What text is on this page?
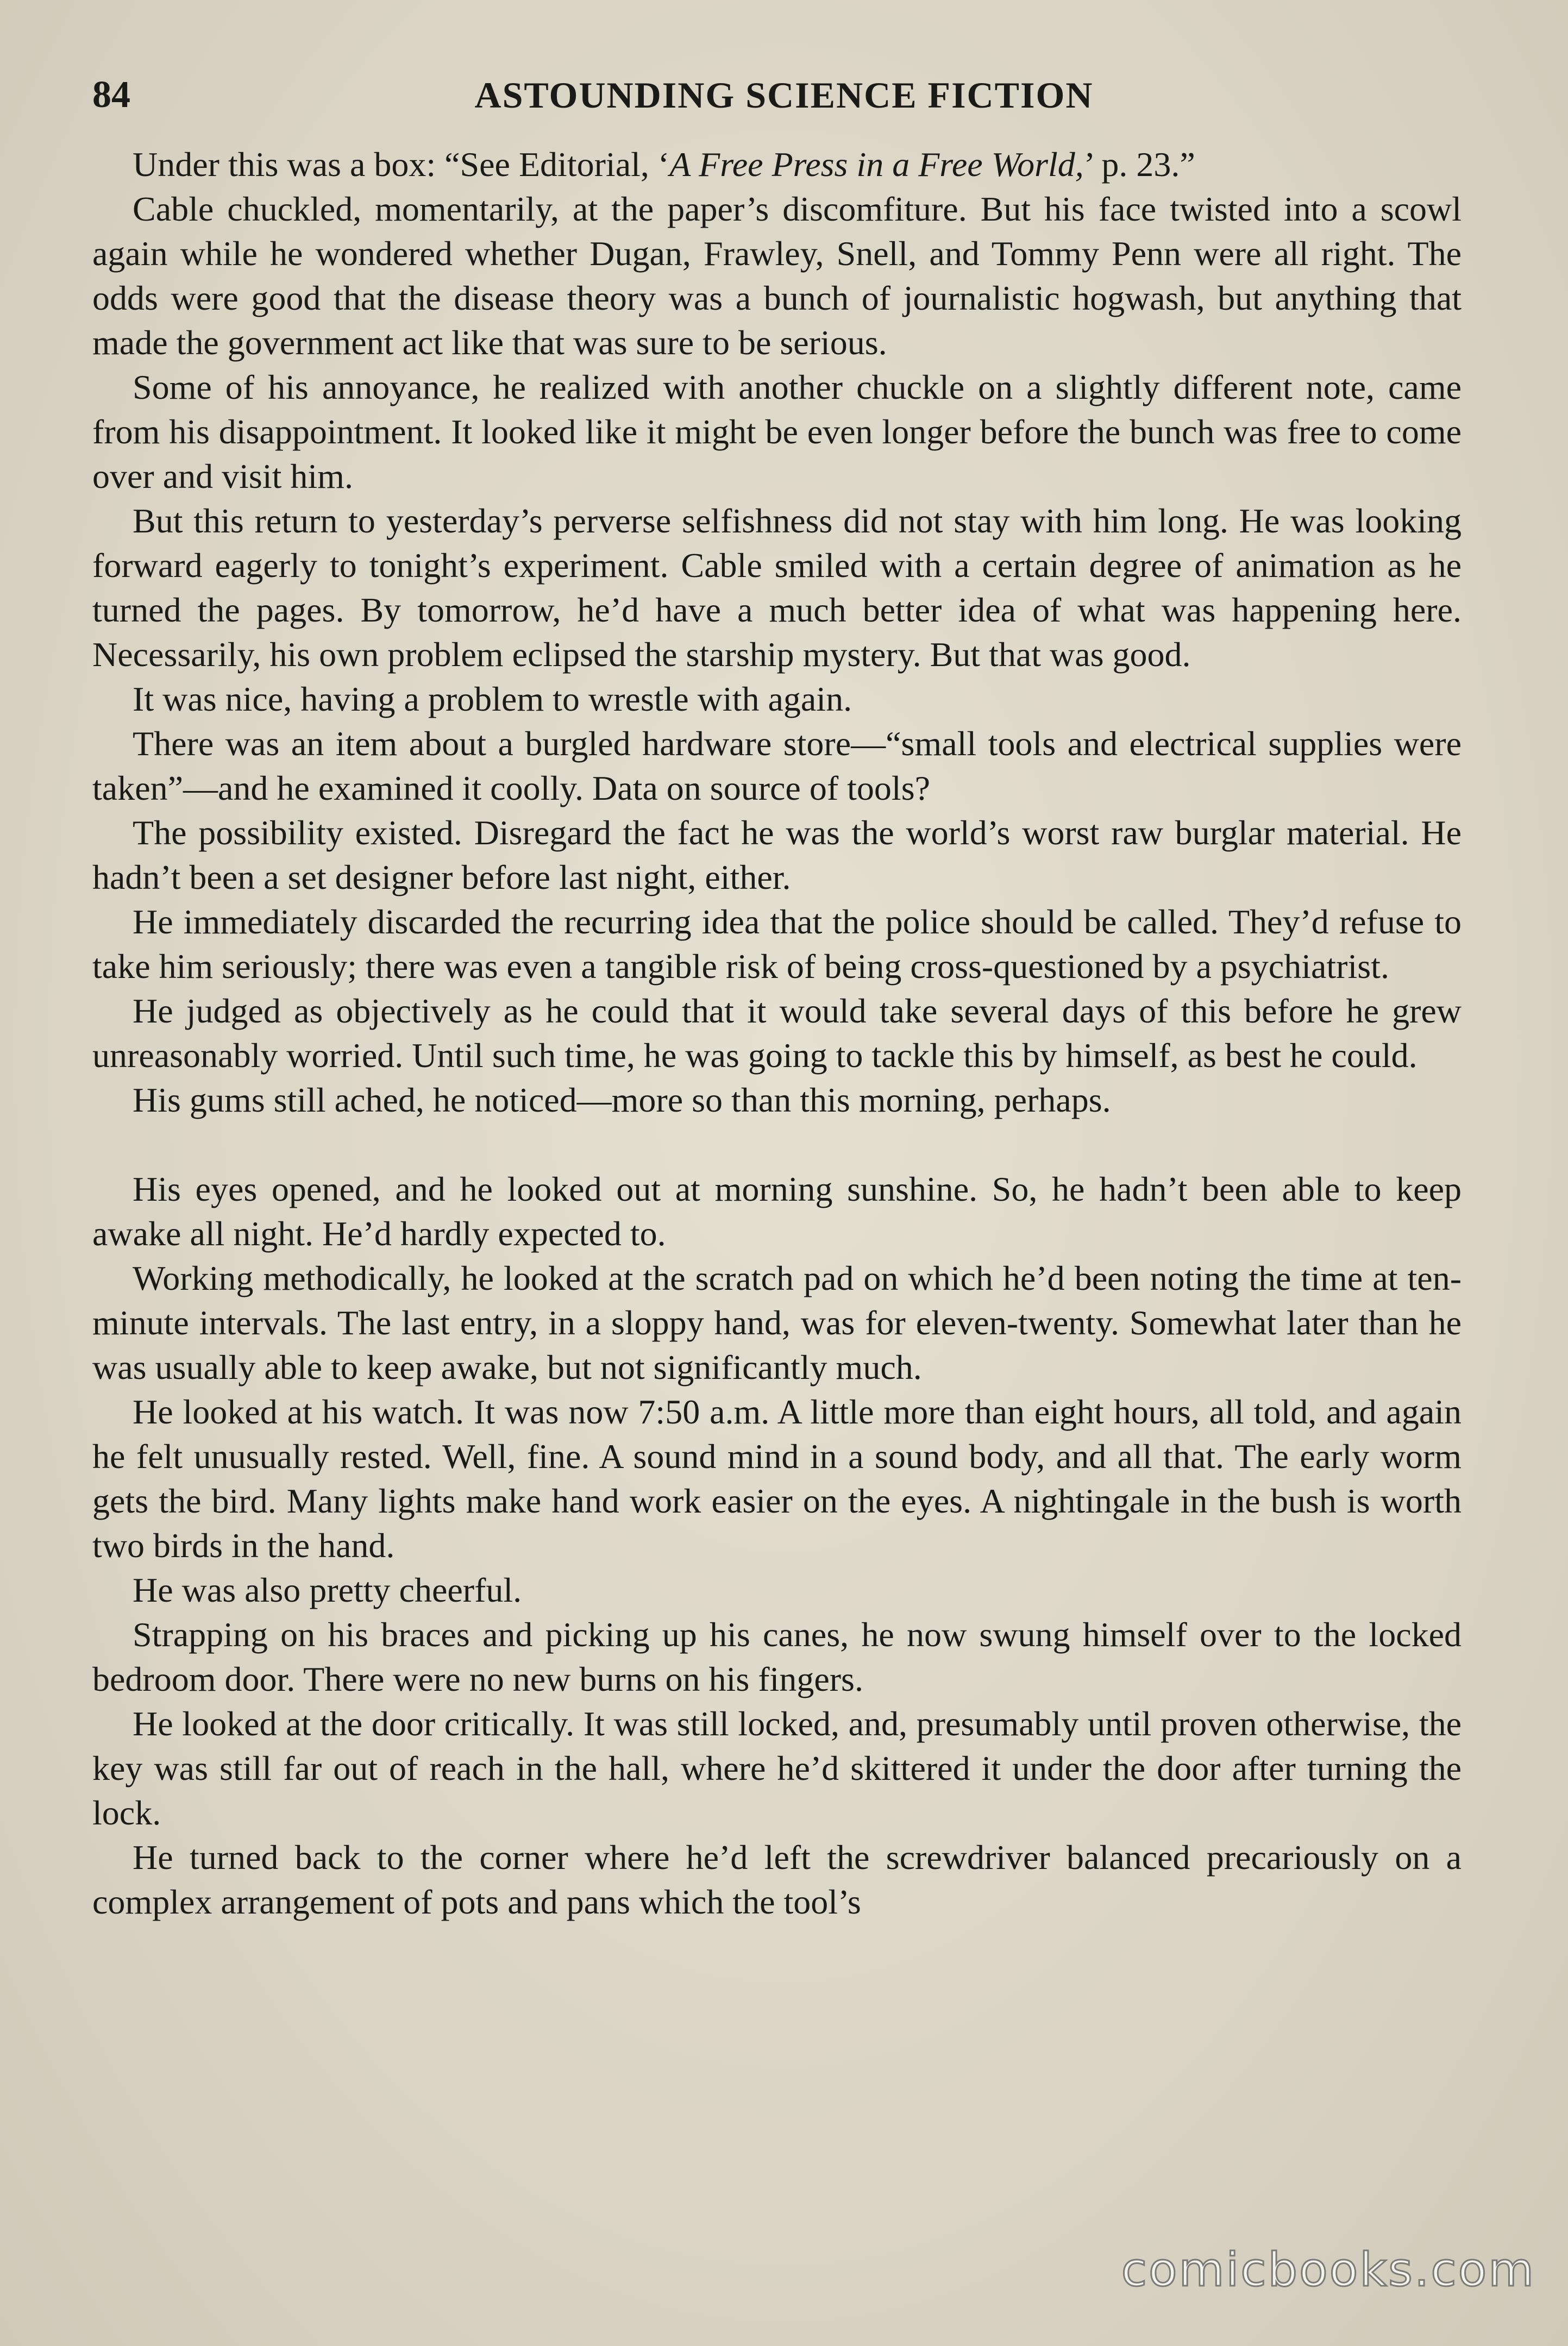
84	ASTOUNDING SCIENCE FICTION

Under this was a box: “See Editorial, ‘A Free Press in a Free World,’ p. 23.”

Cable chuckled, momentarily, at the paper’s discomfiture. But his face twisted into a scowl again while he wondered whether Dugan, Frawley, Snell, and Tommy Penn were all right. The odds were good that the disease theory was a bunch of journalistic hogwash, but anything that made the government act like that was sure to be serious.

Some of his annoyance, he realized with another chuckle on a slightly different note, came from his disappointment. It looked like it might be even longer before the bunch was free to come over and visit him.

But this return to yesterday’s perverse selfishness did not stay with him long. He was looking forward eagerly to tonight’s experiment. Cable smiled with a certain degree of animation as he turned the pages. By tomorrow, he’d have a much better idea of what was happening here. Necessarily, his own problem eclipsed the starship mystery. But that was good.

It was nice, having a problem to wrestle with again.

There was an item about a burgled hardware store—“small tools and electrical supplies were taken”—and he examined it coolly. Data on source of tools?

The possibility existed. Disregard the fact he was the world’s worst raw burglar material. He hadn’t been a set designer before last night, either.

He immediately discarded the recurring idea that the police should be called. They’d refuse to take him seriously; there was even a tangible risk of being cross-questioned by a psychiatrist.

He judged as objectively as he could that it would take several days of this before he grew unreasonably worried. Until such time, he was going to tackle this by himself, as best he could.

His gums still ached, he noticed—more so than this morning, perhaps.

His eyes opened, and he looked out at morning sunshine. So, he hadn’t been able to keep awake all night. He’d hardly expected to.

Working methodically, he looked at the scratch pad on which he’d been noting the time at ten-minute intervals. The last entry, in a sloppy hand, was for eleven-twenty. Somewhat later than he was usually able to keep awake, but not significantly much.

He looked at his watch. It was now 7:50 a.m. A little more than eight hours, all told, and again he felt unusually rested. Well, fine. A sound mind in a sound body, and all that. The early worm gets the bird. Many lights make hand work easier on the eyes. A nightingale in the bush is worth two birds in the hand.

He was also pretty cheerful.

Strapping on his braces and picking up his canes, he now swung himself over to the locked bedroom door. There were no new burns on his fingers.

He looked at the door critically. It was still locked, and, presumably until proven otherwise, the key was still far out of reach in the hall, where he’d skittered it under the door after turning the lock.

He turned back to the corner where he’d left the screwdriver balanced precariously on a complex arrangement of pots and pans which the tool’s

comicbooks.com
